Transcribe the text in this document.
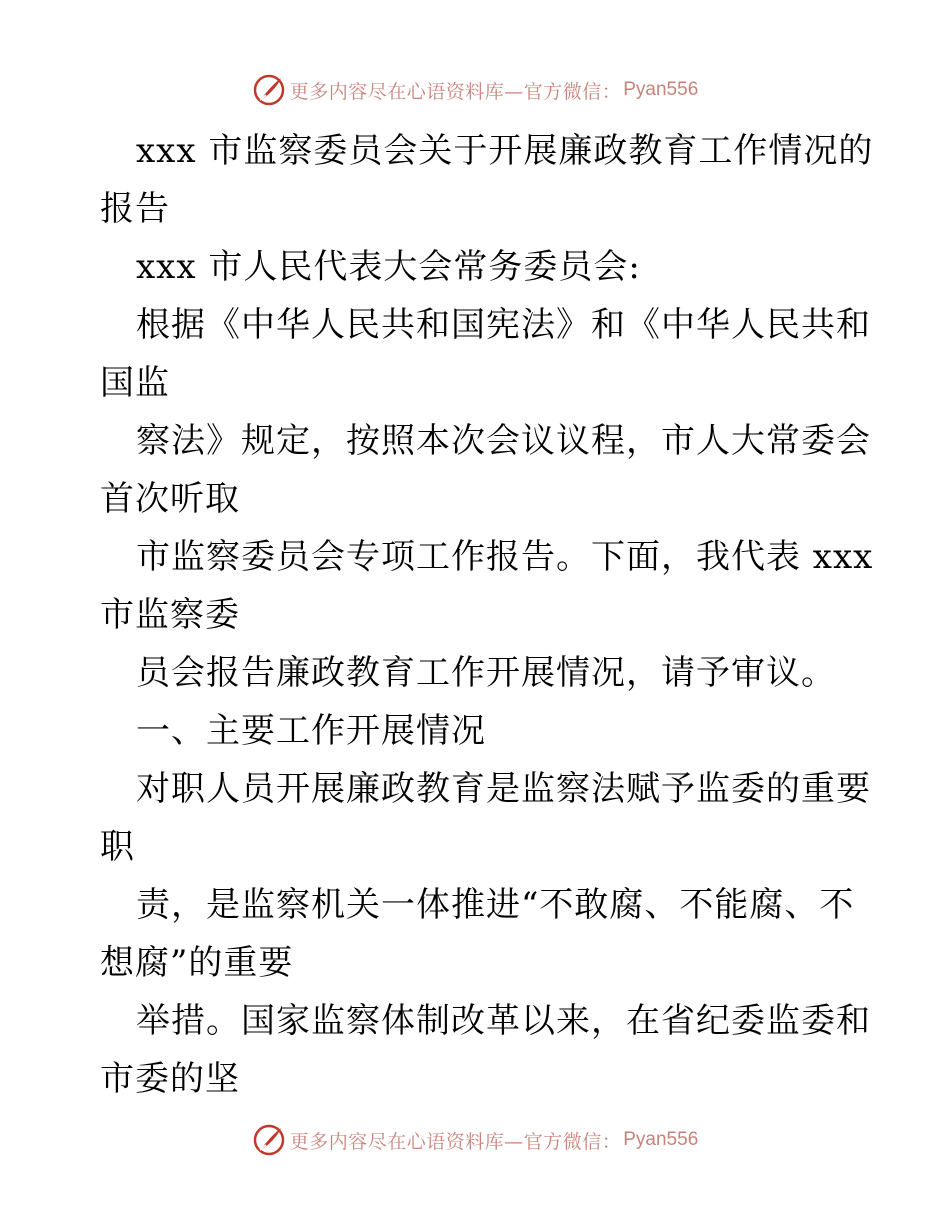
更多内容尽在心语资料库—官方微信： Pyan556
xxx 市监察委员会关于开展廉政教育工作情况的
报告
xxx 市人民代表大会常务委员会:
根据《中华人民共和国宪法》和《中华人民共和
国监
察法》规定，按照本次会议议程，市人大常委会
首次听取
市监察委员会专项工作报告。下面，我代表 xxx
市监察委
员会报告廉政教育工作开展情况，请予审议。
一、主要工作开展情况
对职人员开展廉政教育是监察法赋予监委的重要
职
责，是监察机关一体推进“不敢腐、不能腐、不
想腐”的重要
举措。国家监察体制改革以来，在省纪委监委和
市委的坚
更多内容尽在心语资料库—官方微信： Pyan556
